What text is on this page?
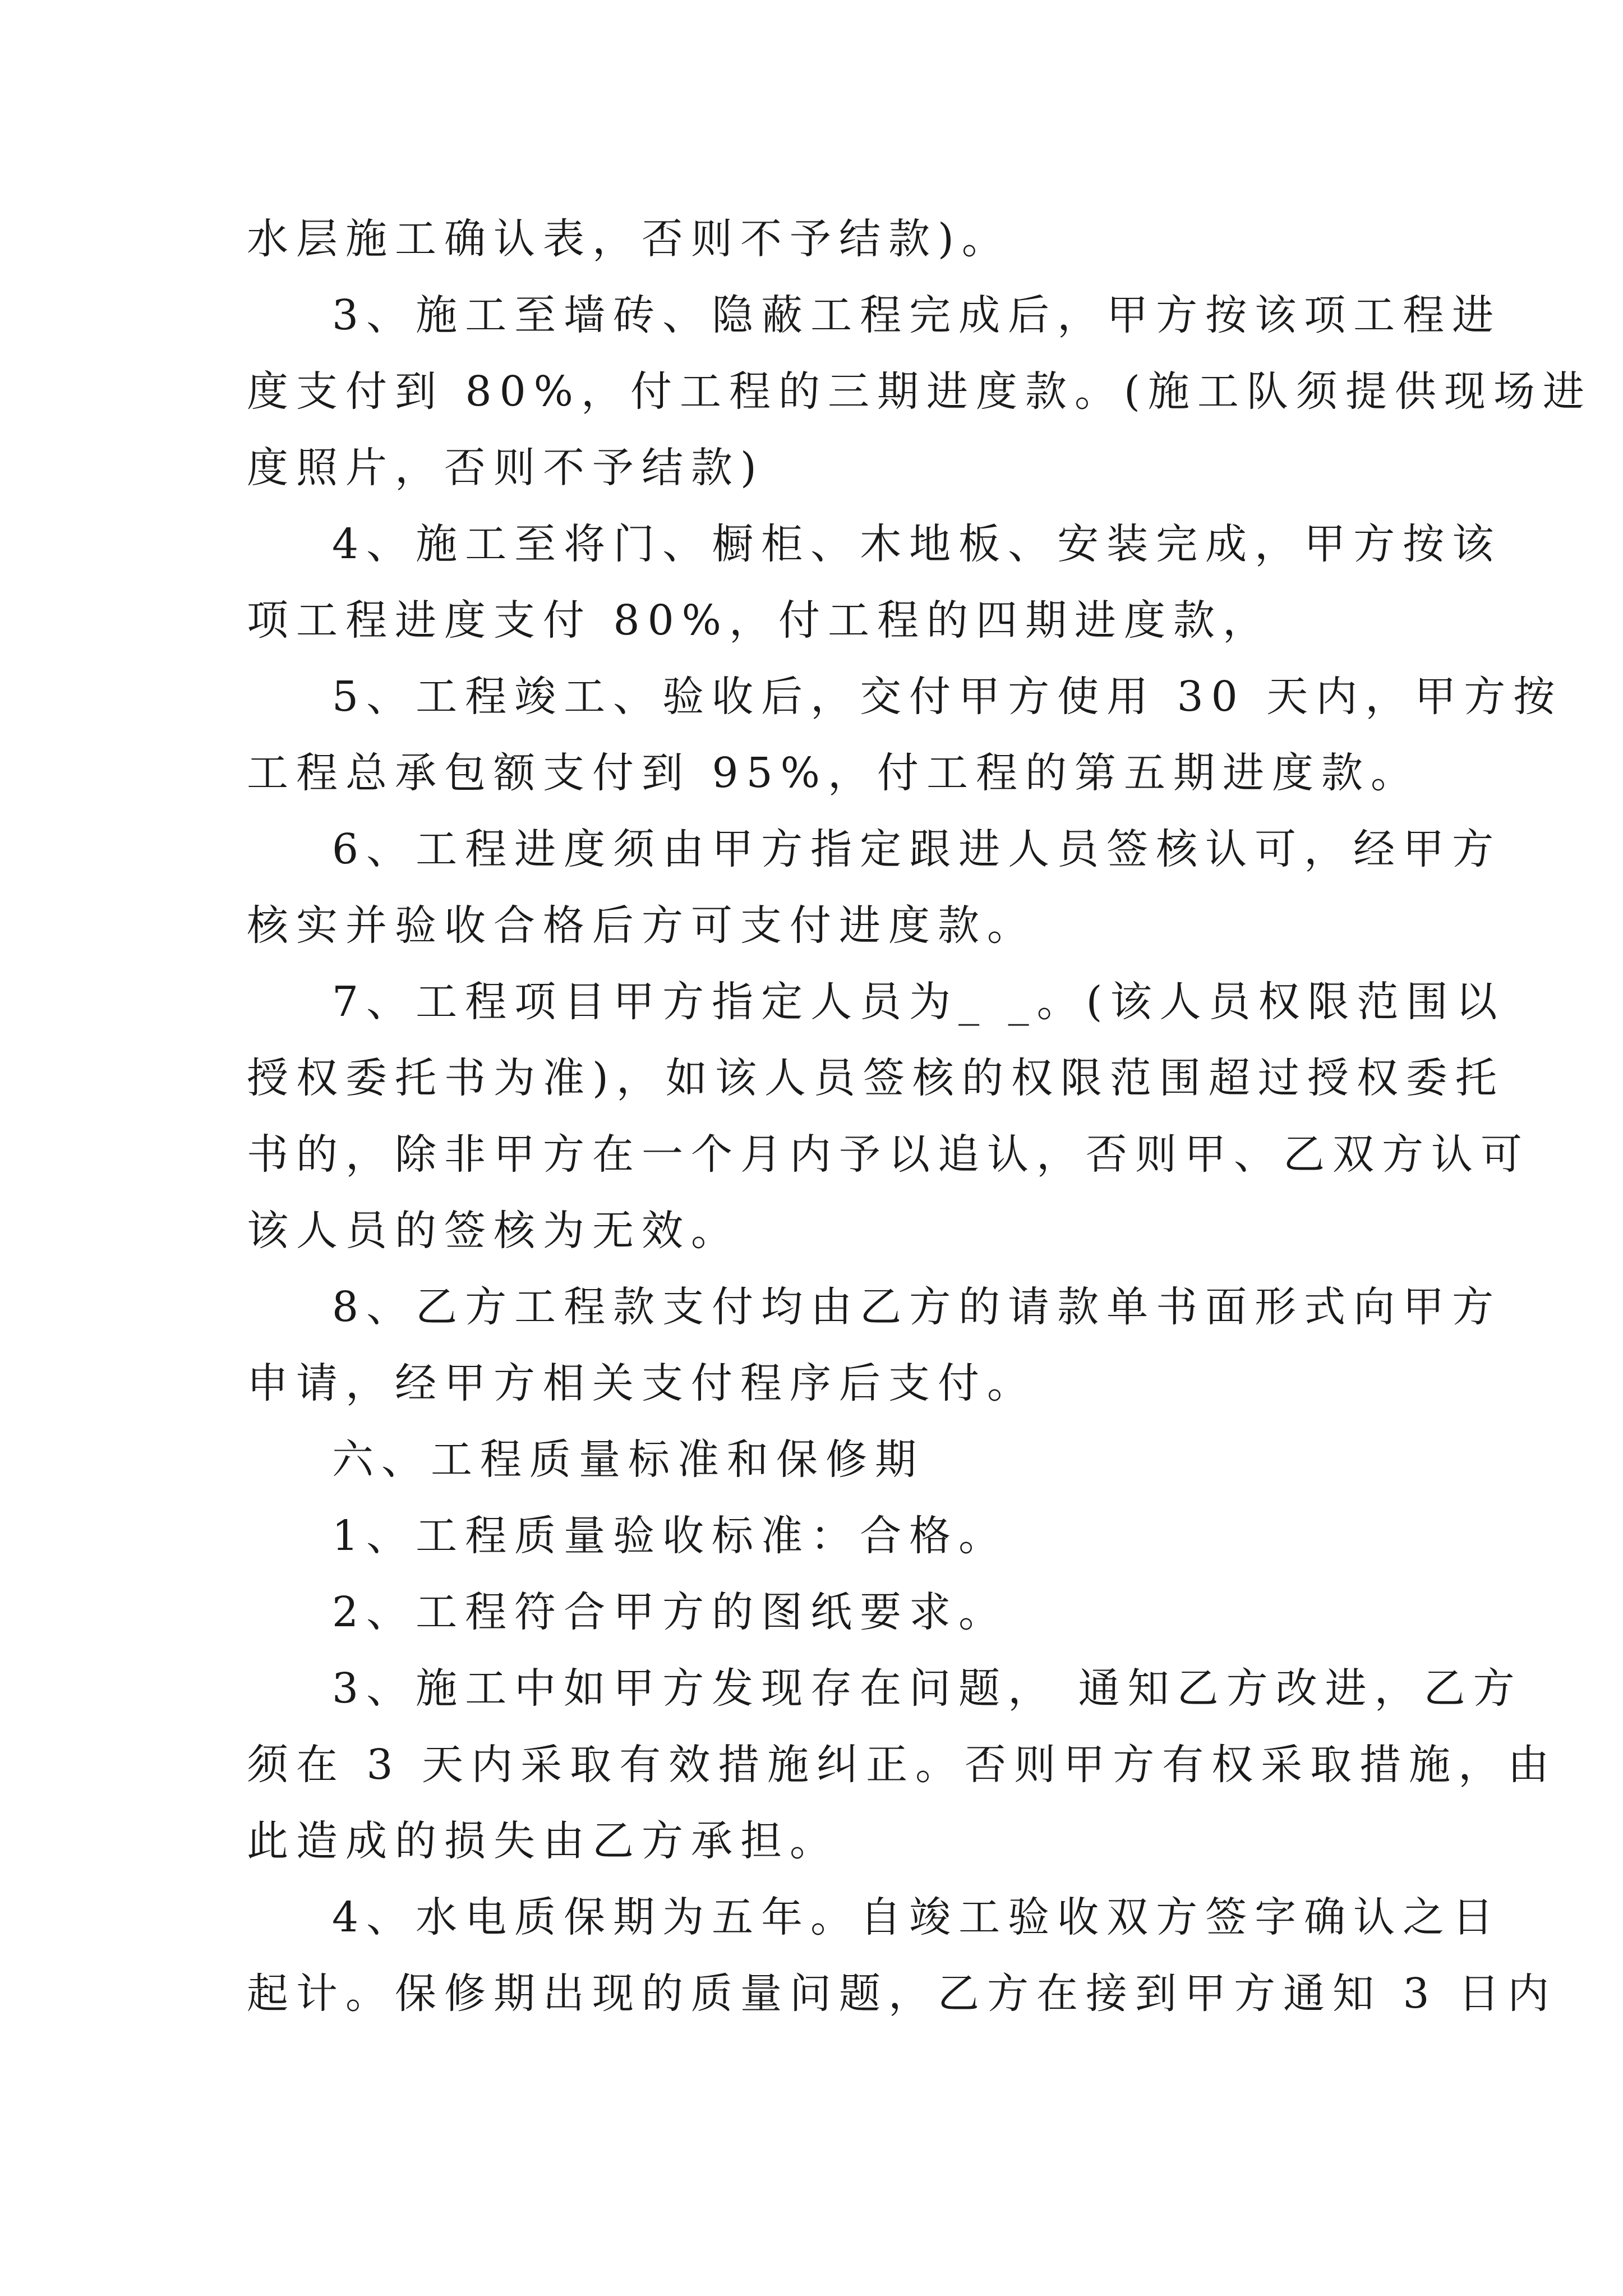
水层施工确认表，否则不予结款)。
3、施工至墙砖、隐蔽工程完成后，甲方按该项工程进
度支付到 80%，付工程的三期进度款。(施工队须提供现场进
度照片，否则不予结款)
4、施工至将门、橱柜、木地板、安装完成，甲方按该
项工程进度支付 80%，付工程的四期进度款，
5、工程竣工、验收后，交付甲方使用 30 天内，甲方按
工程总承包额支付到 95%，付工程的第五期进度款。
6、工程进度须由甲方指定跟进人员签核认可，经甲方
核实并验收合格后方可支付进度款。
7、工程项目甲方指定人员为_ _。(该人员权限范围以
授权委托书为准)，如该人员签核的权限范围超过授权委托
书的，除非甲方在一个月内予以追认，否则甲、乙双方认可
该人员的签核为无效。
8、乙方工程款支付均由乙方的请款单书面形式向甲方
申请，经甲方相关支付程序后支付。
六、工程质量标准和保修期
1、工程质量验收标准：合格。
2、工程符合甲方的图纸要求。
3、施工中如甲方发现存在问题， 通知乙方改进，乙方
须在 3 天内采取有效措施纠正。否则甲方有权采取措施，由
此造成的损失由乙方承担。
4、水电质保期为五年。自竣工验收双方签字确认之日
起计。保修期出现的质量问题，乙方在接到甲方通知 3 日内
